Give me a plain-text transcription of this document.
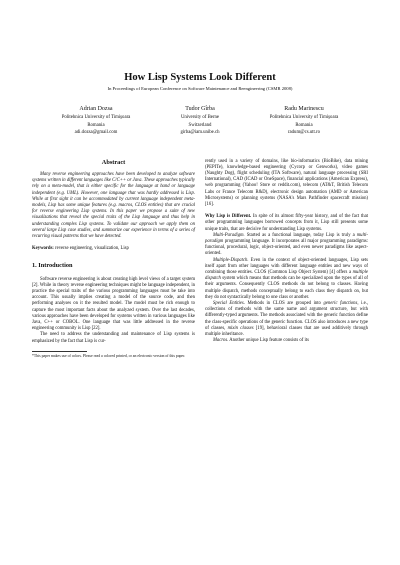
How Lisp Systems Look Different

In Proceedings of European Conference on Software Maintenance and Reengineering (CSMR 2008)

Adrian Dozsa
Politehnica University of Timişoara
Romania
adi.dozsa@gmail.com
Tudor Gîrba
University of Berne
Switzerland
girba@iam.unibe.ch
Radu Marinescu
Politehnica University of Timişoara
Romania
radum@cs.utt.ro
Abstract

Many reverse engineering approaches have been developed to analyze software systems written in different languages like C/C++ or Java. These approaches typically rely on a meta-model, that is either specific for the language at hand or language independent (e.g. UML). However, one language that was hardly addressed is Lisp. While at first sight it can be accommodated by current language independent meta-models, Lisp has some unique features (e.g. macros, CLOS entities) that are crucial for reverse engineering Lisp systems. In this paper we propose a suite of new visualizations that reveal the special traits of the Lisp language and thus help in understanding complex Lisp systems. To validate our approach we apply them on several large Lisp case studies, and summarize our experience in terms of a series of recurring visual patterns that we have detected.

Keywords: reverse engineering, visualization, Lisp

1. Introduction

Software reverse engineering is about creating high level views of a target system [2]. While in theory reverse engineering techniques might be language independent, in practice the special traits of the various programming languages must be take into account. This usually implies creating a model of the source code, and then performing analyses on it the resulted model. The model must be rich enough to capture the most important facts about the analyzed system. Over the last decades, various approaches have been developed for systems written in various languages like Java, C++ or COBOL. One language that was little addressed in the reverse engineering community is Lisp [22].

The need to address the understanding and maintenance of Lisp systems is emphasized by the fact that Lisp is cur-

*This paper makes use of colors. Please read a colored printed, or an electronic version of this paper.

rently used in a variety of domains, like bio-informatics (BioBike), data mining (PEPITe), knowledge-based engineering (Cycorp or Genworks), video games (Naughty Dog), flight scheduling (ITA Software), natural language processing (SRI International), CAD (ICAD or OneSpace), financial applications (American Express), web programming (Yahoo! Store or reddit.com), telecom (AT&T, British Telecom Labs or France Telecom R&D), electronic design automation (AMD or American Microsystems) or planning systems (NASA's Mars Pathfinder spacecraft mission) [16].

Why Lisp is Different. In spite of its almost fifty-year history, and of the fact that other programming languages borrowed concepts from it, Lisp still presents some unique traits, that are decisive for understanding Lisp systems.

Multi-Paradigm. Started as a functional language, today Lisp is truly a multi-paradigm programming language. It incorporates all major programming paradigms: functional, procedural, logic, object-oriented, and even newer paradigms like aspect-oriented.

Multiple-Dispatch. Even in the context of object-oriented languages, Lisp sets itself apart from other languages with different language entities and new ways of combining those entities. CLOS (Common Lisp Object System) [4] offers a multiple dispatch system which means that methods can be specialized upon the types of all of their arguments. Consequently CLOS methods do not belong to classes. Having multiple dispatch, methods conceptually belong to each class they dispatch on, but they do not syntactically belong to one class or another.

Special Entities. Methods in CLOS are grouped into generic functions, i.e., collections of methods with the same name and argument structure, but with differently-typed arguments. The methods associated with the generic function define the class-specific operations of the generic function. CLOS also introduces a new type of classes, mixin classes [19], behavioral classes that are used additively through multiple inheritance.

Macros. Another unique Lisp feature consists of its
